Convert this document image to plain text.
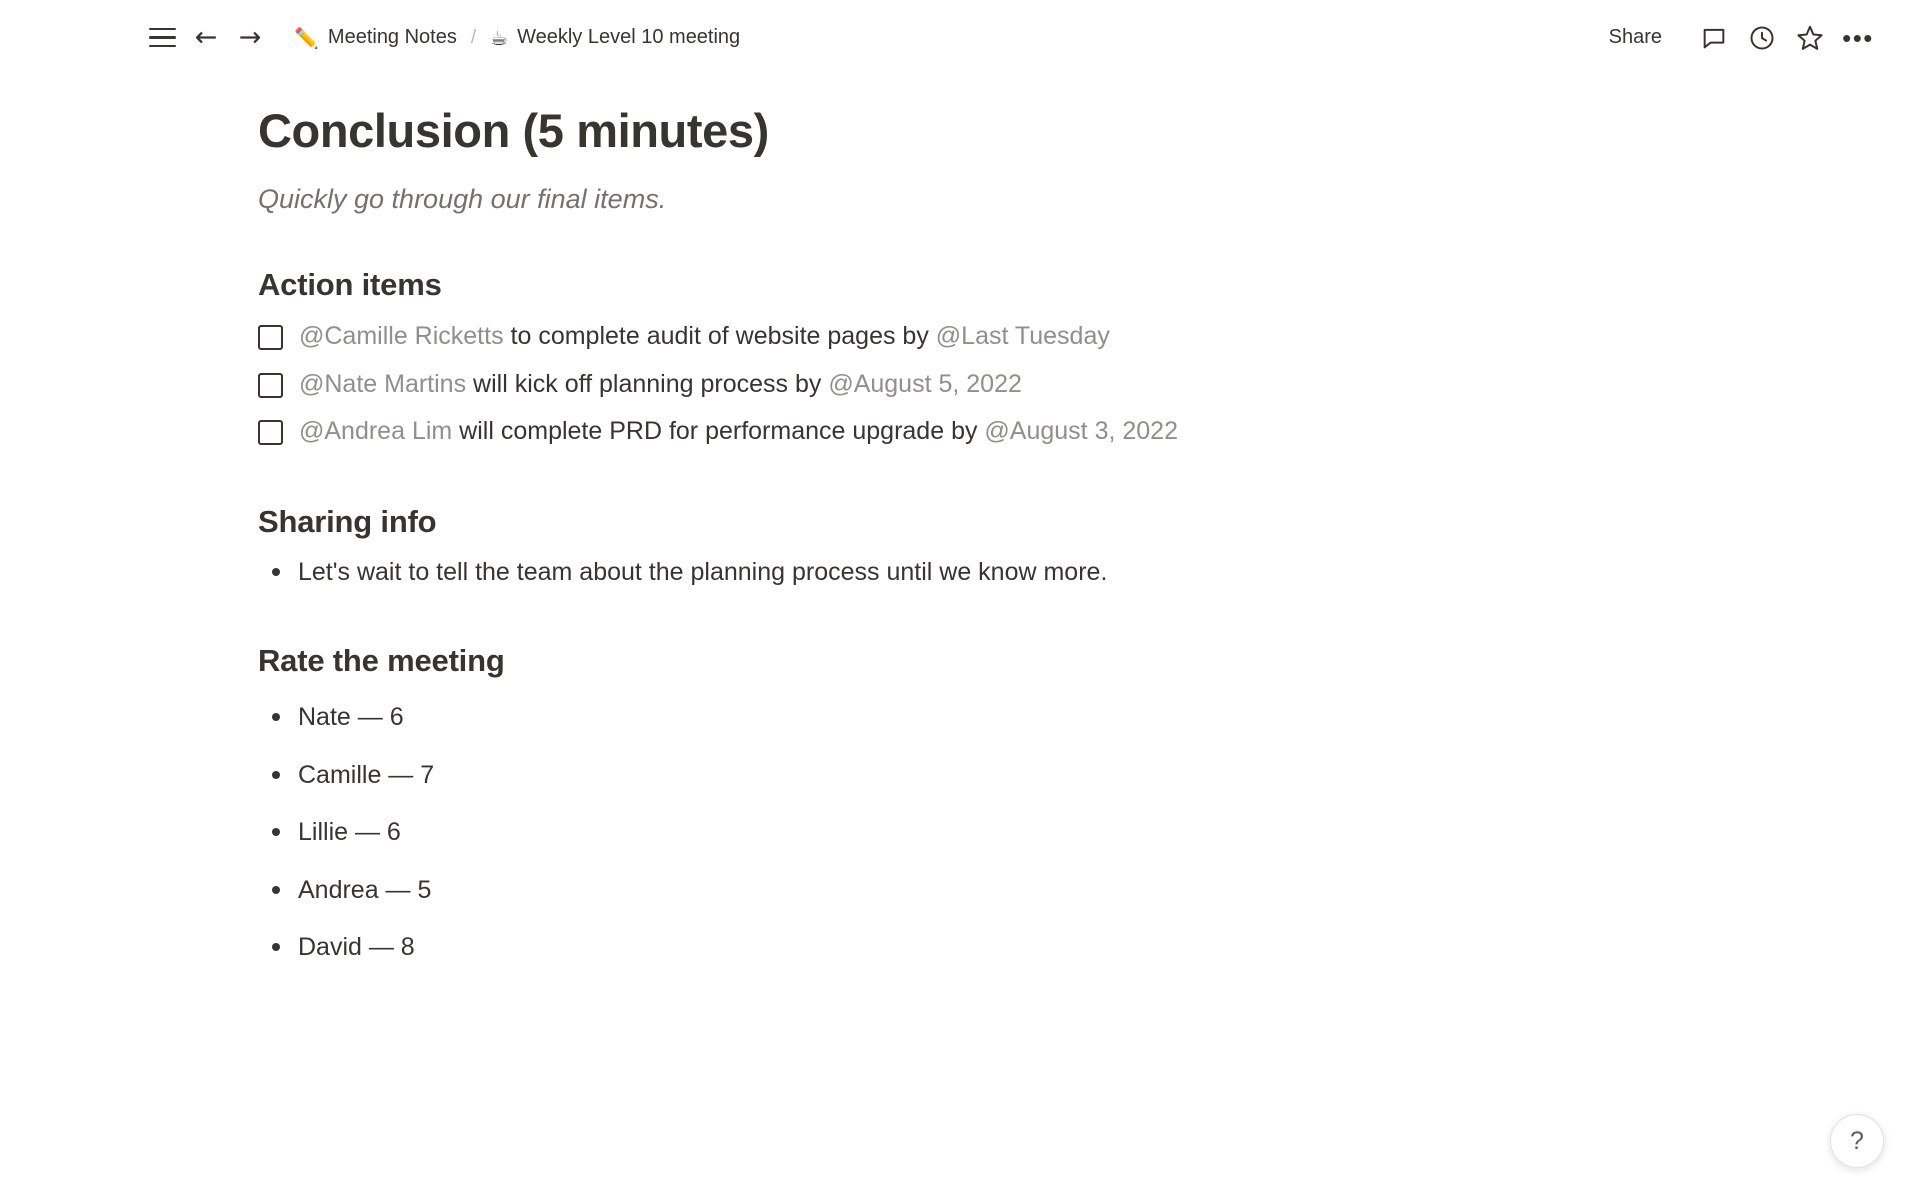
← → ✏️ Meeting Notes / ☕ Weekly Level 10 meeting	Share	•••
Conclusion (5 minutes)
Quickly go through our final items.
Action items
@Camille Ricketts to complete audit of website pages by @Last Tuesday
@Nate Martins will kick off planning process by @August 5, 2022
@Andrea Lim will complete PRD for performance upgrade by @August 3, 2022
Sharing info
Let's wait to tell the team about the planning process until we know more.
Rate the meeting
Nate — 6
Camille — 7
Lillie — 6
Andrea — 5
David — 8
?
